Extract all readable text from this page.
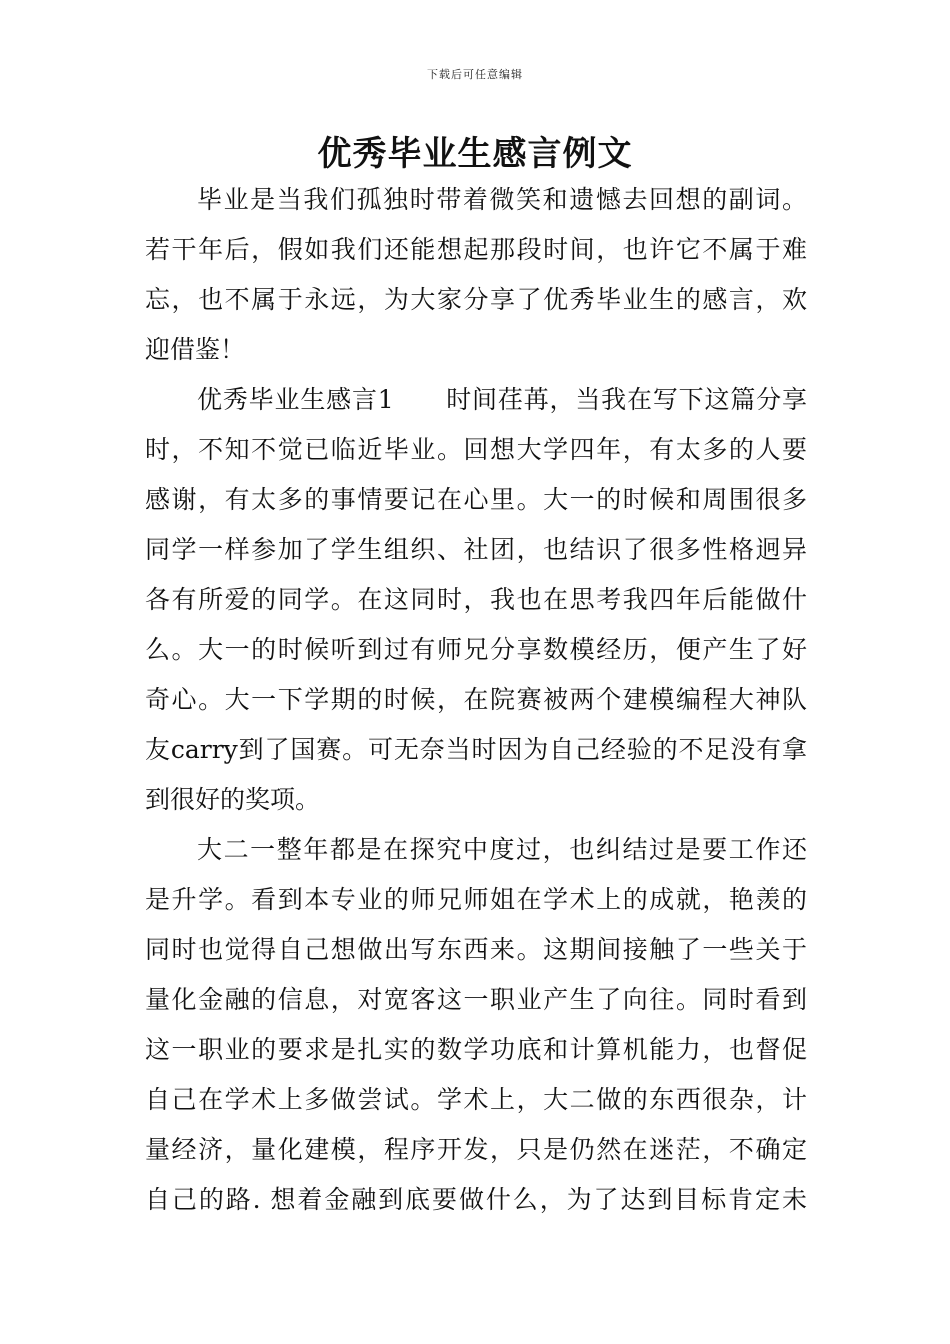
下载后可任意编辑
优秀毕业生感言例文
毕业是当我们孤独时带着微笑和遗憾去回想的副词。
若干年后，假如我们还能想起那段时间，也许它不属于难
忘，也不属于永远，为大家分享了优秀毕业生的感言，欢
迎借鉴！
优秀毕业生感言1　　时间荏苒，当我在写下这篇分享
时，不知不觉已临近毕业。回想大学四年，有太多的人要
感谢，有太多的事情要记在心里。大一的时候和周围很多
同学一样参加了学生组织、社团，也结识了很多性格迥异
各有所爱的同学。在这同时，我也在思考我四年后能做什
么。大一的时候听到过有师兄分享数模经历，便产生了好
奇心。大一下学期的时候，在院赛被两个建模编程大神队
友carry到了国赛。可无奈当时因为自己经验的不足没有拿
到很好的奖项。
大二一整年都是在探究中度过，也纠结过是要工作还
是升学。看到本专业的师兄师姐在学术上的成就，艳羡的
同时也觉得自己想做出写东西来。这期间接触了一些关于
量化金融的信息，对宽客这一职业产生了向往。同时看到
这一职业的要求是扎实的数学功底和计算机能力，也督促
自己在学术上多做尝试。学术上，大二做的东西很杂，计
量经济，量化建模，程序开发，只是仍然在迷茫，不确定
自己的路. 想着金融到底要做什么，为了达到目标肯定未
